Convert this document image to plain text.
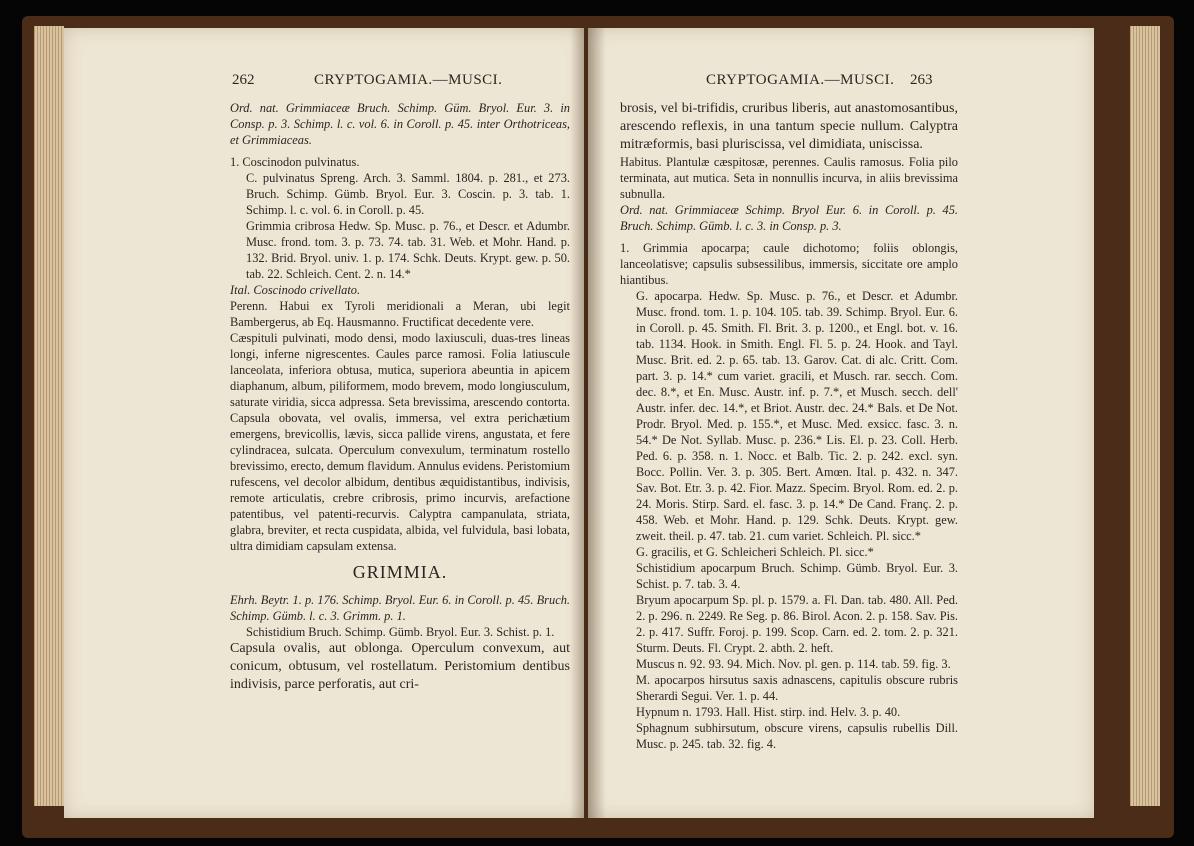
262	CRYPTOGAMIA.—MUSCI.

Ord. nat. Grimmiaceæ Bruch. Schimp. Güm. Bryol. Eur. 3. in Consp. p. 3. Schimp. l. c. vol. 6. in Coroll. p. 45. inter Orthotriceas, et Grimmiaceas.

1. Coscinodon pulvinatus.

C. pulvinatus Spreng. Arch. 3. Samml. 1804. p. 281., et 273. Bruch. Schimp. Gümb. Bryol. Eur. 3. Coscin. p. 3. tab. 1. Schimp. l. c. vol. 6. in Coroll. p. 45.

Grimmia cribrosa Hedw. Sp. Musc. p. 76., et Descr. et Adumbr. Musc. frond. tom. 3. p. 73. 74. tab. 31. Web. et Mohr. Hand. p. 132. Brid. Bryol. univ. 1. p. 174. Schk. Deuts. Krypt. gew. p. 50. tab. 22. Schleich. Cent. 2. n. 14.*

Ital. Coscinodo crivellato.

Perenn. Habui ex Tyroli meridionali a Meran, ubi legit Bambergerus, ab Eq. Hausmanno. Fructificat decedente vere.

Cæspituli pulvinati, modo densi, modo laxiusculi, duas-tres lineas longi, inferne nigrescentes. Caules parce ramosi. Folia latiuscule lanceolata, inferiora obtusa, mutica, superiora abeuntia in apicem diaphanum, album, piliformem, modo brevem, modo longiusculum, saturate viridia, sicca adpressa. Seta brevissima, arescendo contorta. Capsula obovata, vel ovalis, immersa, vel extra perichætium emergens, brevicollis, lævis, sicca pallide virens, angustata, et fere cylindracea, sulcata. Operculum convexulum, terminatum rostello brevissimo, erecto, demum flavidum. Annulus evidens. Peristomium rufescens, vel decolor albidum, dentibus æquidistantibus, indivisis, remote articulatis, crebre cribrosis, primo incurvis, arefactione patentibus, vel patenti-recurvis. Calyptra campanulata, striata, glabra, breviter, et recta cuspidata, albida, vel fulvidula, basi lobata, ultra dimidiam capsulam extensa.

GRIMMIA.

Ehrh. Beytr. 1. p. 176. Schimp. Bryol. Eur. 6. in Coroll. p. 45. Bruch. Schimp. Gümb. l. c. 3. Grimm. p. 1.

Schistidium Bruch. Schimp. Gümb. Bryol. Eur. 3. Schist. p. 1.

Capsula ovalis, aut oblonga. Operculum convexum, aut conicum, obtusum, vel rostellatum. Peristomium dentibus indivisis, parce perforatis, aut cri-

CRYPTOGAMIA.—MUSCI. 263

brosis, vel bi-trifidis, cruribus liberis, aut anastomosantibus, arescendo reflexis, in una tantum specie nullum. Calyptra mitræformis, basi pluriscissa, vel dimidiata, uniscissa.

Habitus. Plantulæ cæspitosæ, perennes. Caulis ramosus. Folia pilo terminata, aut mutica. Seta in nonnullis incurva, in aliis brevissima subnulla.

Ord. nat. Grimmiaceæ Schimp. Bryol Eur. 6. in Coroll. p. 45. Bruch. Schimp. Gümb. l. c. 3. in Consp. p. 3.

1. Grimmia apocarpa; caule dichotomo; foliis oblongis, lanceolatisve; capsulis subsessilibus, immersis, siccitate ore amplo hiantibus.

G. apocarpa. Hedw. Sp. Musc. p. 76., et Descr. et Adumbr. Musc. frond. tom. 1. p. 104. 105. tab. 39. Schimp. Bryol. Eur. 6. in Coroll. p. 45. Smith. Fl. Brit. 3. p. 1200., et Engl. bot. v. 16. tab. 1134. Hook. in Smith. Engl. Fl. 5. p. 24. Hook. and Tayl. Musc. Brit. ed. 2. p. 65. tab. 13. Garov. Cat. di alc. Critt. Com. part. 3. p. 14.* cum variet. gracili, et Musch. rar. secch. Com. dec. 8.*, et En. Musc. Austr. inf. p. 7.*, et Musch. secch. dell' Austr. infer. dec. 14.*, et Briot. Austr. dec. 24.* Bals. et De Not. Prodr. Bryol. Med. p. 155.*, et Musc. Med. exsicc. fasc. 3. n. 54.* De Not. Syllab. Musc. p. 236.* Lis. El. p. 23. Coll. Herb. Ped. 6. p. 358. n. 1. Nocc. et Balb. Tic. 2. p. 242. excl. syn. Bocc. Pollin. Ver. 3. p. 305. Bert. Amœn. Ital. p. 432. n. 347. Sav. Bot. Etr. 3. p. 42. Fior. Mazz. Specim. Bryol. Rom. ed. 2. p. 24. Moris. Stirp. Sard. el. fasc. 3. p. 14.* De Cand. Franç. 2. p. 458. Web. et Mohr. Hand. p. 129. Schk. Deuts. Krypt. gew. zweit. theil. p. 47. tab. 21. cum variet. Schleich. Pl. sicc.*

G. gracilis, et G. Schleicheri Schleich. Pl. sicc.*

Schistidium apocarpum Bruch. Schimp. Gümb. Bryol. Eur. 3. Schist. p. 7. tab. 3. 4.

Bryum apocarpum Sp. pl. p. 1579. a. Fl. Dan. tab. 480. All. Ped. 2. p. 296. n. 2249. Re Seg. p. 86. Birol. Acon. 2. p. 158. Sav. Pis. 2. p. 417. Suffr. Foroj. p. 199. Scop. Carn. ed. 2. tom. 2. p. 321. Sturm. Deuts. Fl. Crypt. 2. abth. 2. heft.

Muscus n. 92. 93. 94. Mich. Nov. pl. gen. p. 114. tab. 59. fig. 3.

M. apocarpos hirsutus saxis adnascens, capitulis obscure rubris Sherardi Segui. Ver. 1. p. 44.

Hypnum n. 1793. Hall. Hist. stirp. ind. Helv. 3. p. 40.

Sphagnum subhirsutum, obscure virens, capsulis rubellis Dill. Musc. p. 245. tab. 32. fig. 4.
